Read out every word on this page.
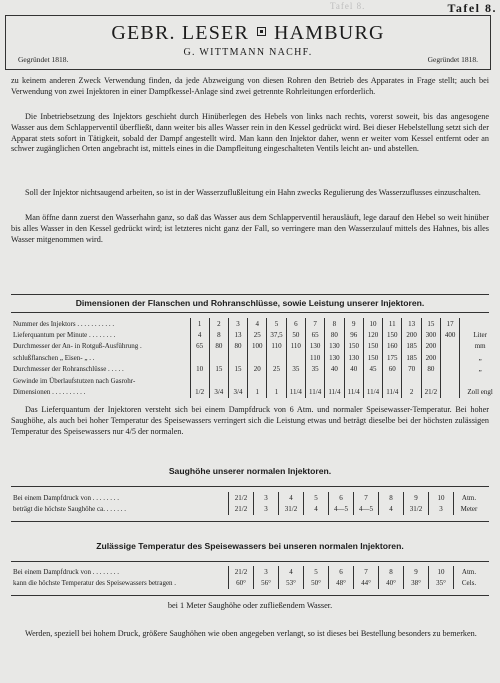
Tafel 8.	Tafel 8.
GEBR. LESER HAMBURG
G. WITTMANN NACHF.
Gegründet 1818.	Gegründet 1818.

zu keinem anderen Zweck Verwendung finden, da jede Abzweigung von diesen Rohren den Betrieb des Apparates in Frage stellt; auch bei Verwendung von zwei Injektoren in einer Dampfkessel-Anlage sind zwei getrennte Rohrleitungen erforderlich.

Die Inbetriebsetzung des Injektors geschieht durch Hinüberlegen des Hebels von links nach rechts, vorerst soweit, bis das angesogene Wasser aus dem Schlapperventil überfließt, dann weiter bis alles Wasser rein in den Kessel gedrückt wird. Bei dieser Hebelstellung setzt sich der Apparat stets sofort in Tätigkeit, sobald der Dampf angestellt wird. Man kann den Injektor daher, wenn er weiter vom Kessel entfernt oder an schwer zugänglichen Orten angebracht ist, mittels eines in die Dampfleitung eingeschalteten Ventils leicht an- und abstellen.

Soll der Injektor nichtsaugend arbeiten, so ist in der Wasserzuflußleitung ein Hahn zwecks Regulierung des Wasserzuflusses einzuschalten.

Man öffne dann zuerst den Wasserhahn ganz, so daß das Wasser aus dem Schlapperventil herausläuft, lege darauf den Hebel so weit hinüber bis alles Wasser in den Kessel gedrückt wird; ist letzteres nicht ganz der Fall, so verringere man den Wasserzulauf mittels des Hahnes, bis alles Wasser mitgenommen wird.

Dimensionen der Flanschen und Rohranschlüsse, sowie Leistung unserer Injektoren.
Nummer des Injektors . . . . . . . . . . .	1	2	3	4	5	6	7	8	9	10	11	13	15	17	
Lieferquantum per Minute . . . . . . . .	4	8	13	25	37,5	50	65	80	96	120	150	200	300	400	Liter
Durchmesser der An- in Rotguß-Ausführung .	65	80	80	100	110	110	130	130	150	150	160	185	200		mm
schlußflanschen „ Eisen- „ . .							110	130	130	150	175	185	200		„
Durchmesser der Rohranschlüsse . . . . .	10	15	15	20	25	35	35	40	40	45	60	70	80		„
Gewinde im Überlaufstutzen nach Gasrohr-															
Dimensionen . . . . . . . . . .	1/2	3/4	3/4	1	1	11/4	11/4	11/4	11/4	11/4	11/4	2	21/2		Zoll engl

Das Lieferquantum der Injektoren versteht sich bei einem Dampfdruck von 6 Atm. und normaler Speisewasser-Temperatur. Bei hoher Saughöhe, als auch bei hoher Temperatur des Speisewassers verringert sich die Leistung etwas und beträgt dieselbe bei der höchsten zulässigen Temperatur des Speisewassers nur 4/5 der normalen.

Saughöhe unserer normalen Injektoren.
Bei einem Dampfdruck von . . . . . . . .	21/2	3	4	5	6	7	8	9	10	Atm.
beträgt die höchste Saughöhe ca. . . . . . .	21/2	3	31/2	4	4—5	4—5	4	31/2	3	Meter
Zulässige Temperatur des Speisewassers bei unseren normalen Injektoren.
Bei einem Dampfdruck von . . . . . . . .	21/2	3	4	5	6	7	8	9	10	Atm.
kann die höchste Temperatur des Speisewassers betragen .	60°	56°	53°	50°	48°	44°	40°	38°	35°	Cels.
bei 1 Meter Saughöhe oder zufließendem Wasser.

Werden, speziell bei hohem Druck, größere Saughöhen wie oben angegeben verlangt, so ist dieses bei Bestellung besonders zu bemerken.
